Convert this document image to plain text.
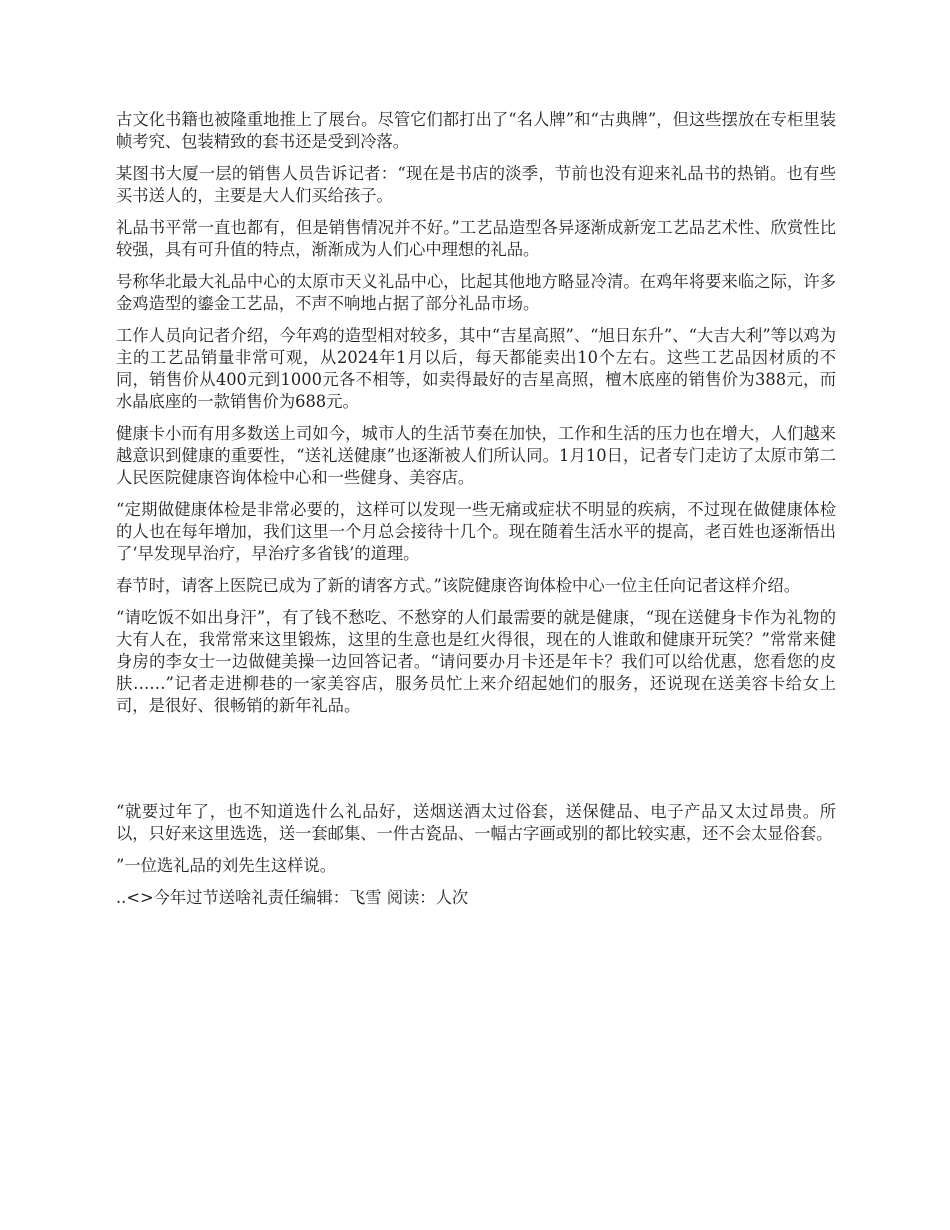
古文化书籍也被隆重地推上了展台。尽管它们都打出了“名人牌”和“古典牌”，但这些摆放在专柜里装帧考究、包装精致的套书还是受到冷落。

某图书大厦一层的销售人员告诉记者：“现在是书店的淡季，节前也没有迎来礼品书的热销。也有些买书送人的，主要是大人们买给孩子。

礼品书平常一直也都有，但是销售情况并不好。”工艺品造型各异逐渐成新宠工艺品艺术性、欣赏性比较强，具有可升值的特点，渐渐成为人们心中理想的礼品。

号称华北最大礼品中心的太原市天义礼品中心，比起其他地方略显冷清。在鸡年将要来临之际，许多金鸡造型的鎏金工艺品，不声不响地占据了部分礼品市场。

工作人员向记者介绍，今年鸡的造型相对较多，其中“吉星高照”、“旭日东升”、“大吉大利”等以鸡为主的工艺品销量非常可观，从2024年1月以后，每天都能卖出10个左右。这些工艺品因材质的不同，销售价从400元到1000元各不相等，如卖得最好的吉星高照，檀木底座的销售价为388元，而水晶底座的一款销售价为688元。

健康卡小而有用多数送上司如今，城市人的生活节奏在加快，工作和生活的压力也在增大，人们越来越意识到健康的重要性，“送礼送健康”也逐渐被人们所认同。1月10日，记者专门走访了太原市第二人民医院健康咨询体检中心和一些健身、美容店。

“定期做健康体检是非常必要的，这样可以发现一些无痛或症状不明显的疾病，不过现在做健康体检的人也在每年增加，我们这里一个月总会接待十几个。现在随着生活水平的提高，老百姓也逐渐悟出了‘早发现早治疗，早治疗多省钱’的道理。

春节时，请客上医院已成为了新的请客方式。”该院健康咨询体检中心一位主任向记者这样介绍。

“请吃饭不如出身汗”，有了钱不愁吃、不愁穿的人们最需要的就是健康，“现在送健身卡作为礼物的大有人在，我常常来这里锻炼，这里的生意也是红火得很，现在的人谁敢和健康开玩笑？”常常来健身房的李女士一边做健美操一边回答记者。“请问要办月卡还是年卡？我们可以给优惠，您看您的皮肤……”记者走进柳巷的一家美容店，服务员忙上来介绍起她们的服务，还说现在送美容卡给女上司，是很好、很畅销的新年礼品。

“就要过年了，也不知道选什么礼品好，送烟送酒太过俗套，送保健品、电子产品又太过昂贵。所以，只好来这里选选，送一套邮集、一件古瓷品、一幅古字画或别的都比较实惠，还不会太显俗套。

”一位选礼品的刘先生这样说。

..<>今年过节送啥礼责任编辑：飞雪 阅读：人次
